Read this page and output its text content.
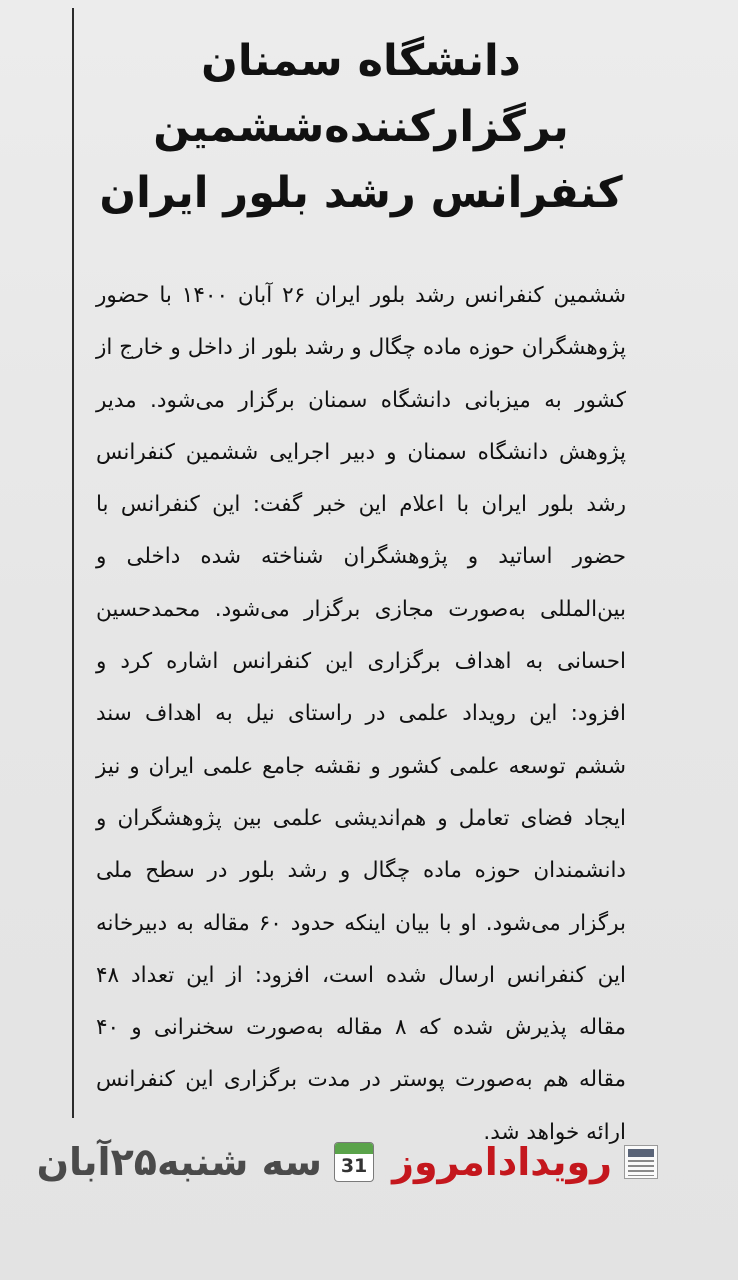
دانشگاه سمنان
برگزارکننده‌ششمین
کنفرانس رشد بلور ایران

ششمین کنفرانس رشد بلور ایران ۲۶ آبان ۱۴۰۰ با حضور پژوهشگران حوزه ماده چگال و رشد بلور از داخل و خارج از کشور به میزبانی دانشگاه سمنان برگزار می‌شود. مدیر پژوهش دانشگاه سمنان و دبیر اجرایی ششمین کنفرانس رشد بلور ایران با اعلام این خبر گفت: این کنفرانس با حضور اساتید و پژوهشگران شناخته شده داخلی و بین‌المللی به‌صورت مجازی برگزار می‌شود. محمدحسین احسانی به اهداف برگزاری این کنفرانس اشاره کرد و افزود: این رویداد علمی در راستای نیل به اهداف سند ششم توسعه علمی کشور و نقشه جامع علمی ایران و نیز ایجاد فضای تعامل و هم‌اندیشی علمی بین پژوهشگران و دانشمندان حوزه ماده چگال و رشد بلور در سطح ملی برگزار می‌شود. او با بیان اینکه حدود ۶۰ مقاله به دبیرخانه این کنفرانس ارسال شده است، افزود: از این تعداد ۴۸ مقاله پذیرش شده که ۸ مقاله به‌صورت سخنرانی و ۴۰ مقاله هم به‌صورت پوستر در مدت برگزاری این کنفرانس ارائه خواهد شد.

رویدادامروز
31
سه شنبه۲۵آبان
